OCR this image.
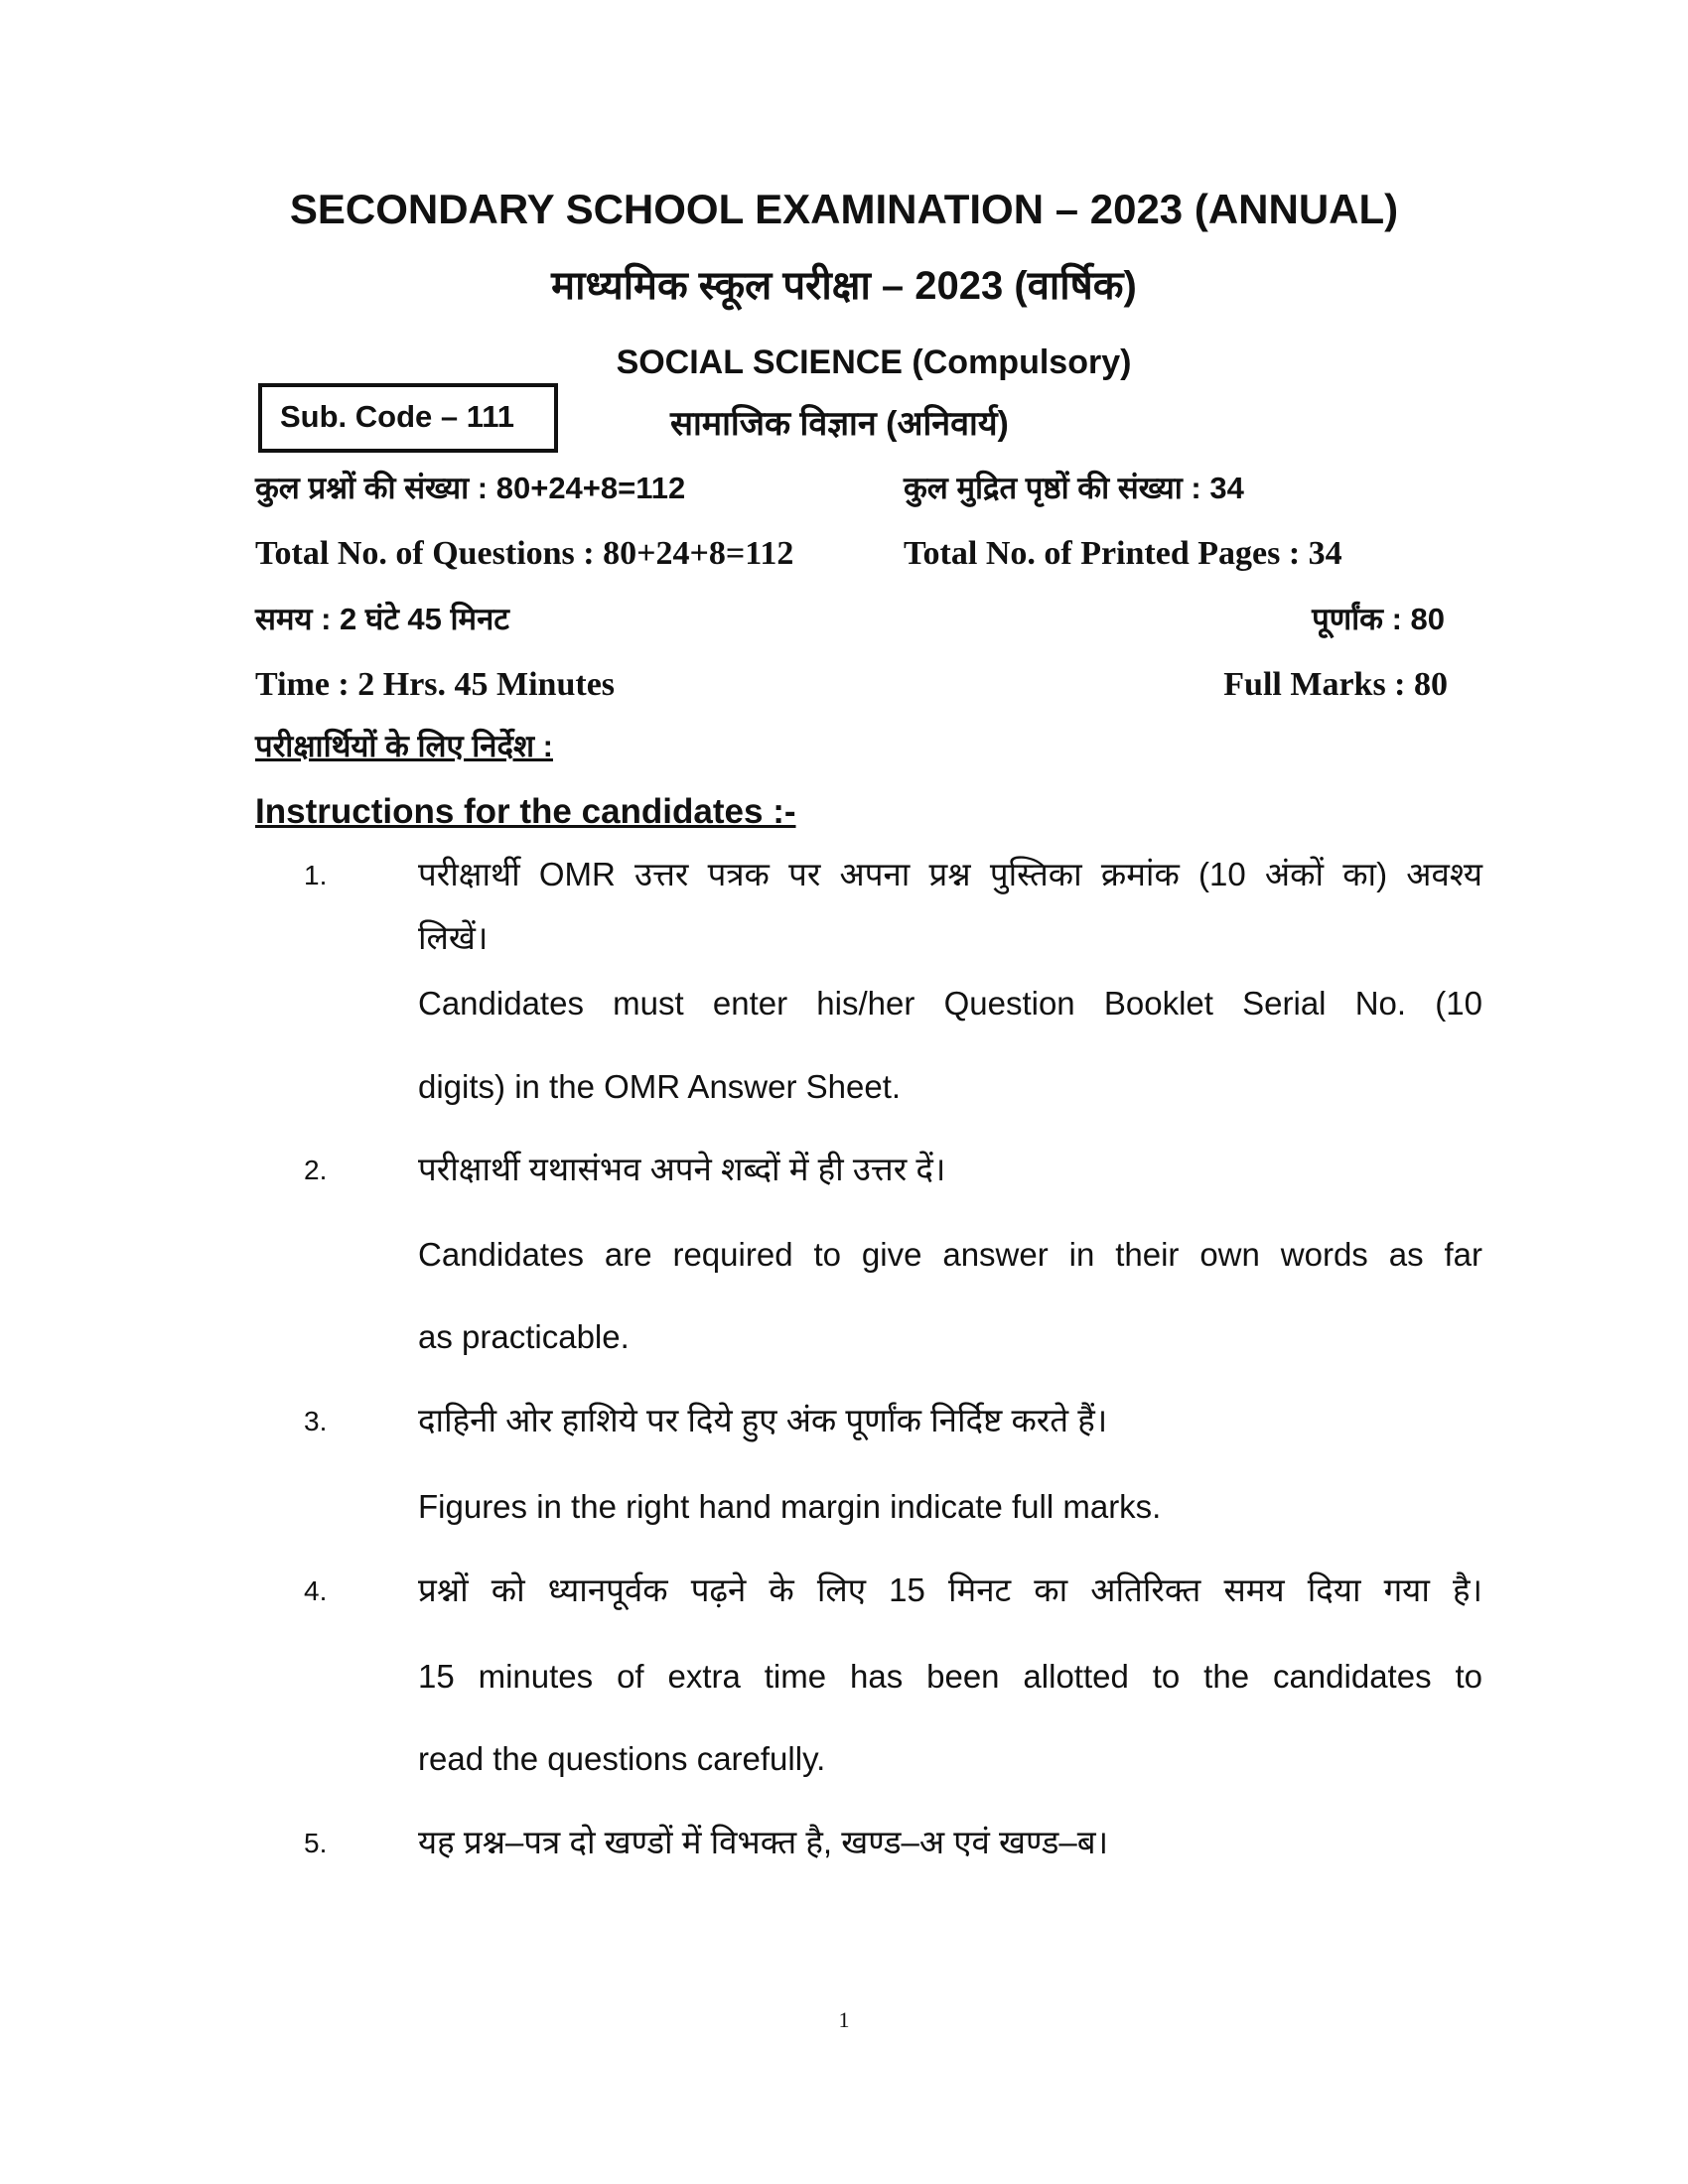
SECONDARY SCHOOL EXAMINATION – 2023 (ANNUAL)
माध्यमिक स्कूल परीक्षा – 2023 (वार्षिक)
SOCIAL SCIENCE (Compulsory)
Sub. Code – 111	सामाजिक विज्ञान (अनिवार्य)
कुल प्रश्नों की संख्या : 80+24+8=112	कुल मुद्रित पृष्ठों की संख्या : 34
Total No. of Questions : 80+24+8=112	Total No. of Printed Pages : 34
समय : 2 घंटे 45 मिनट	पूर्णांक : 80
Time : 2 Hrs. 45 Minutes	Full Marks : 80
परीक्षार्थियों के लिए निर्देश :
Instructions for the candidates :-
1.	परीक्षार्थी OMR उत्तर पत्रक पर अपना प्रश्न पुस्तिका क्रमांक (10 अंकों का) अवश्य
लिखें।
Candidates must enter his/her Question Booklet Serial No. (10
digits) in the OMR Answer Sheet.
2.	परीक्षार्थी यथासंभव अपने शब्दों में ही उत्तर दें।
Candidates are required to give answer in their own words as far
as practicable.
3.	दाहिनी ओर हाशिये पर दिये हुए अंक पूर्णांक निर्दिष्ट करते हैं।
Figures in the right hand margin indicate full marks.
4.	प्रश्नों को ध्यानपूर्वक पढ़ने के लिए 15 मिनट का अतिरिक्त समय दिया गया है।
15 minutes of extra time has been allotted to the candidates to
read the questions carefully.
5.	यह प्रश्न–पत्र दो खण्डों में विभक्त है, खण्ड–अ एवं खण्ड–ब।
1
